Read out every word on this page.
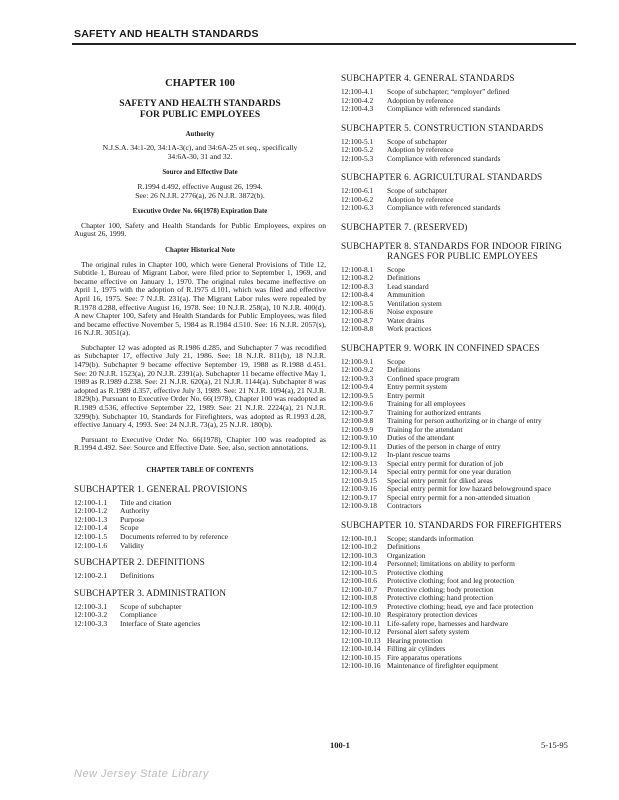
SAFETY AND HEALTH STANDARDS
CHAPTER 100
SAFETY AND HEALTH STANDARDS
FOR PUBLIC EMPLOYEES
Authority
N.J.S.A. 34:1-20, 34:1A-3(c), and 34:6A-25 et seq., specifically 34:6A-30, 31 and 32.
Source and Effective Date
R.1994 d.492, effective August 26, 1994.
See: 26 N.J.R. 2776(a), 26 N.J.R. 3872(b).
Executive Order No. 66(1978) Expiration Date
Chapter 100, Safety and Health Standards for Public Employees, expires on August 26, 1999.
Chapter Historical Note
The original rules in Chapter 100, which were General Provisions of Title 12, Subtitle 1, Bureau of Migrant Labor, were filed prior to September 1, 1969, and became effective on January 1, 1970. The original rules became ineffective on April 1, 1975 with the adoption of R.1975 d.101, which was filed and effective April 16, 1975. See: 7 N.J.R. 231(a). The Migrant Labor rules were repealed by R.1978 d.288, effective August 16, 1978. See: 10 N.J.R. 258(a), 10 N.J.R. 400(d). A new Chapter 100, Safety and Health Standards for Public Employees, was filed and became effective November 5, 1984 as R.1984 d.510. See: 16 N.J.R. 2057(s), 16 N.J.R. 3051(a).
Subchapter 12 was adopted as R.1986 d.285, and Subchapter 7 was recodified as Subchapter 17, effective July 21, 1986. See: 18 N.J.R. 811(b), 18 N.J.R. 1479(b). Subchapter 9 became effective September 19, 1988 as R.1988 d.451. See: 20 N.J.R. 1523(a), 20 N.J.R. 2391(a). Subchapter 11 became effective May 1, 1989 as R.1989 d.238. See: 21 N.J.R. 620(a), 21 N.J.R. 1144(a). Subchapter 8 was adopted as R.1989 d.357, effective July 3, 1989. See: 21 N.J.R. 1094(a), 21 N.J.R. 1829(b). Pursuant to Executive Order No. 66(1978), Chapter 100 was readopted as R.1989 d.536, effective September 22, 1989. See: 21 N.J.R. 2224(a), 21 N.J.R. 3299(b). Subchapter 10, Standards for Firefighters, was adopted as R.1993 d.28, effective January 4, 1993. See: 24 N.J.R. 73(a), 25 N.J.R. 180(b).
Pursuant to Executive Order No. 66(1978), Chapter 100 was readopted as R.1994 d.492. See: Source and Effective Date. See, also, section annotations.
CHAPTER TABLE OF CONTENTS
SUBCHAPTER 1. GENERAL PROVISIONS
12:100-1.1	Title and citation
12:100-1.2	Authority
12:100-1.3	Purpose
12:100-1.4	Scope
12:100-1.5	Documents referred to by reference
12:100-1.6	Validity
SUBCHAPTER 2. DEFINITIONS
12:100-2.1	Definitions
SUBCHAPTER 3. ADMINISTRATION
12:100-3.1	Scope of subchapter
12:100-3.2	Compliance
12:100-3.3	Interface of State agencies
SUBCHAPTER 4. GENERAL STANDARDS
12:100-4.1	Scope of subchapter; “employer” defined
12:100-4.2	Adoption by reference
12:100-4.3	Compliance with referenced standards
SUBCHAPTER 5. CONSTRUCTION STANDARDS
12:100-5.1	Scope of subchapter
12:100-5.2	Adoption by reference
12:100-5.3	Compliance with referenced standards
SUBCHAPTER 6. AGRICULTURAL STANDARDS
12:100-6.1	Scope of subchapter
12:100-6.2	Adoption by reference
12:100-6.3	Compliance with referenced standards
SUBCHAPTER 7. (RESERVED)
SUBCHAPTER 8. STANDARDS FOR INDOOR FIRING
RANGES FOR PUBLIC EMPLOYEES
12:100-8.1	Scope
12:100-8.2	Definitions
12:100-8.3	Lead standard
12:100-8.4	Ammunition
12:100-8.5	Ventilation system
12:100-8.6	Noise exposure
12:100-8.7	Water drains
12:100-8.8	Work practices
SUBCHAPTER 9. WORK IN CONFINED SPACES
12:100-9.1	Scope
12:100-9.2	Definitions
12:100-9.3	Confined space program
12:100-9.4	Entry permit system
12:100-9.5	Entry permit
12:100-9.6	Training for all employees
12:100-9.7	Training for authorized entrants
12:100-9.8	Training for person authorizing or in charge of entry
12:100-9.9	Training for the attendant
12:100-9.10	Duties of the attendant
12:100-9.11	Duties of the person in charge of entry
12:100-9.12	In-plant rescue teams
12:100-9.13	Special entry permit for duration of job
12:100-9.14	Special entry permit for one year duration
12:100-9.15	Special entry permit for diked areas
12:100-9.16	Special entry permit for low hazard belowground space
12:100-9.17	Special entry permit for a non-attended situation
12:100-9.18	Contractors
SUBCHAPTER 10. STANDARDS FOR FIREFIGHTERS
12:100-10.1	Scope; standards information
12:100-10.2	Definitions
12:100-10.3	Organization
12:100-10.4	Personnel; limitations on ability to perform
12:100-10.5	Protective clothing
12:100-10.6	Protective clothing; foot and leg protection
12:100-10.7	Protective clothing; body protection
12:100-10.8	Protective clothing; hand protection
12:100-10.9	Protective clothing; head, eye and face protection
12:100-10.10 Respiratory protection devices
12:100-10.11 Life-safety rope, harnesses and hardware
12:100-10.12 Personal alert safety system
12:100-10.13 Hearing protection
12:100-10.14 Filling air cylinders
12:100-10.15 Fire apparatus operations
12:100-10.16 Maintenance of firefighter equipment
100-1	5-15-95
New Jersey State Library
